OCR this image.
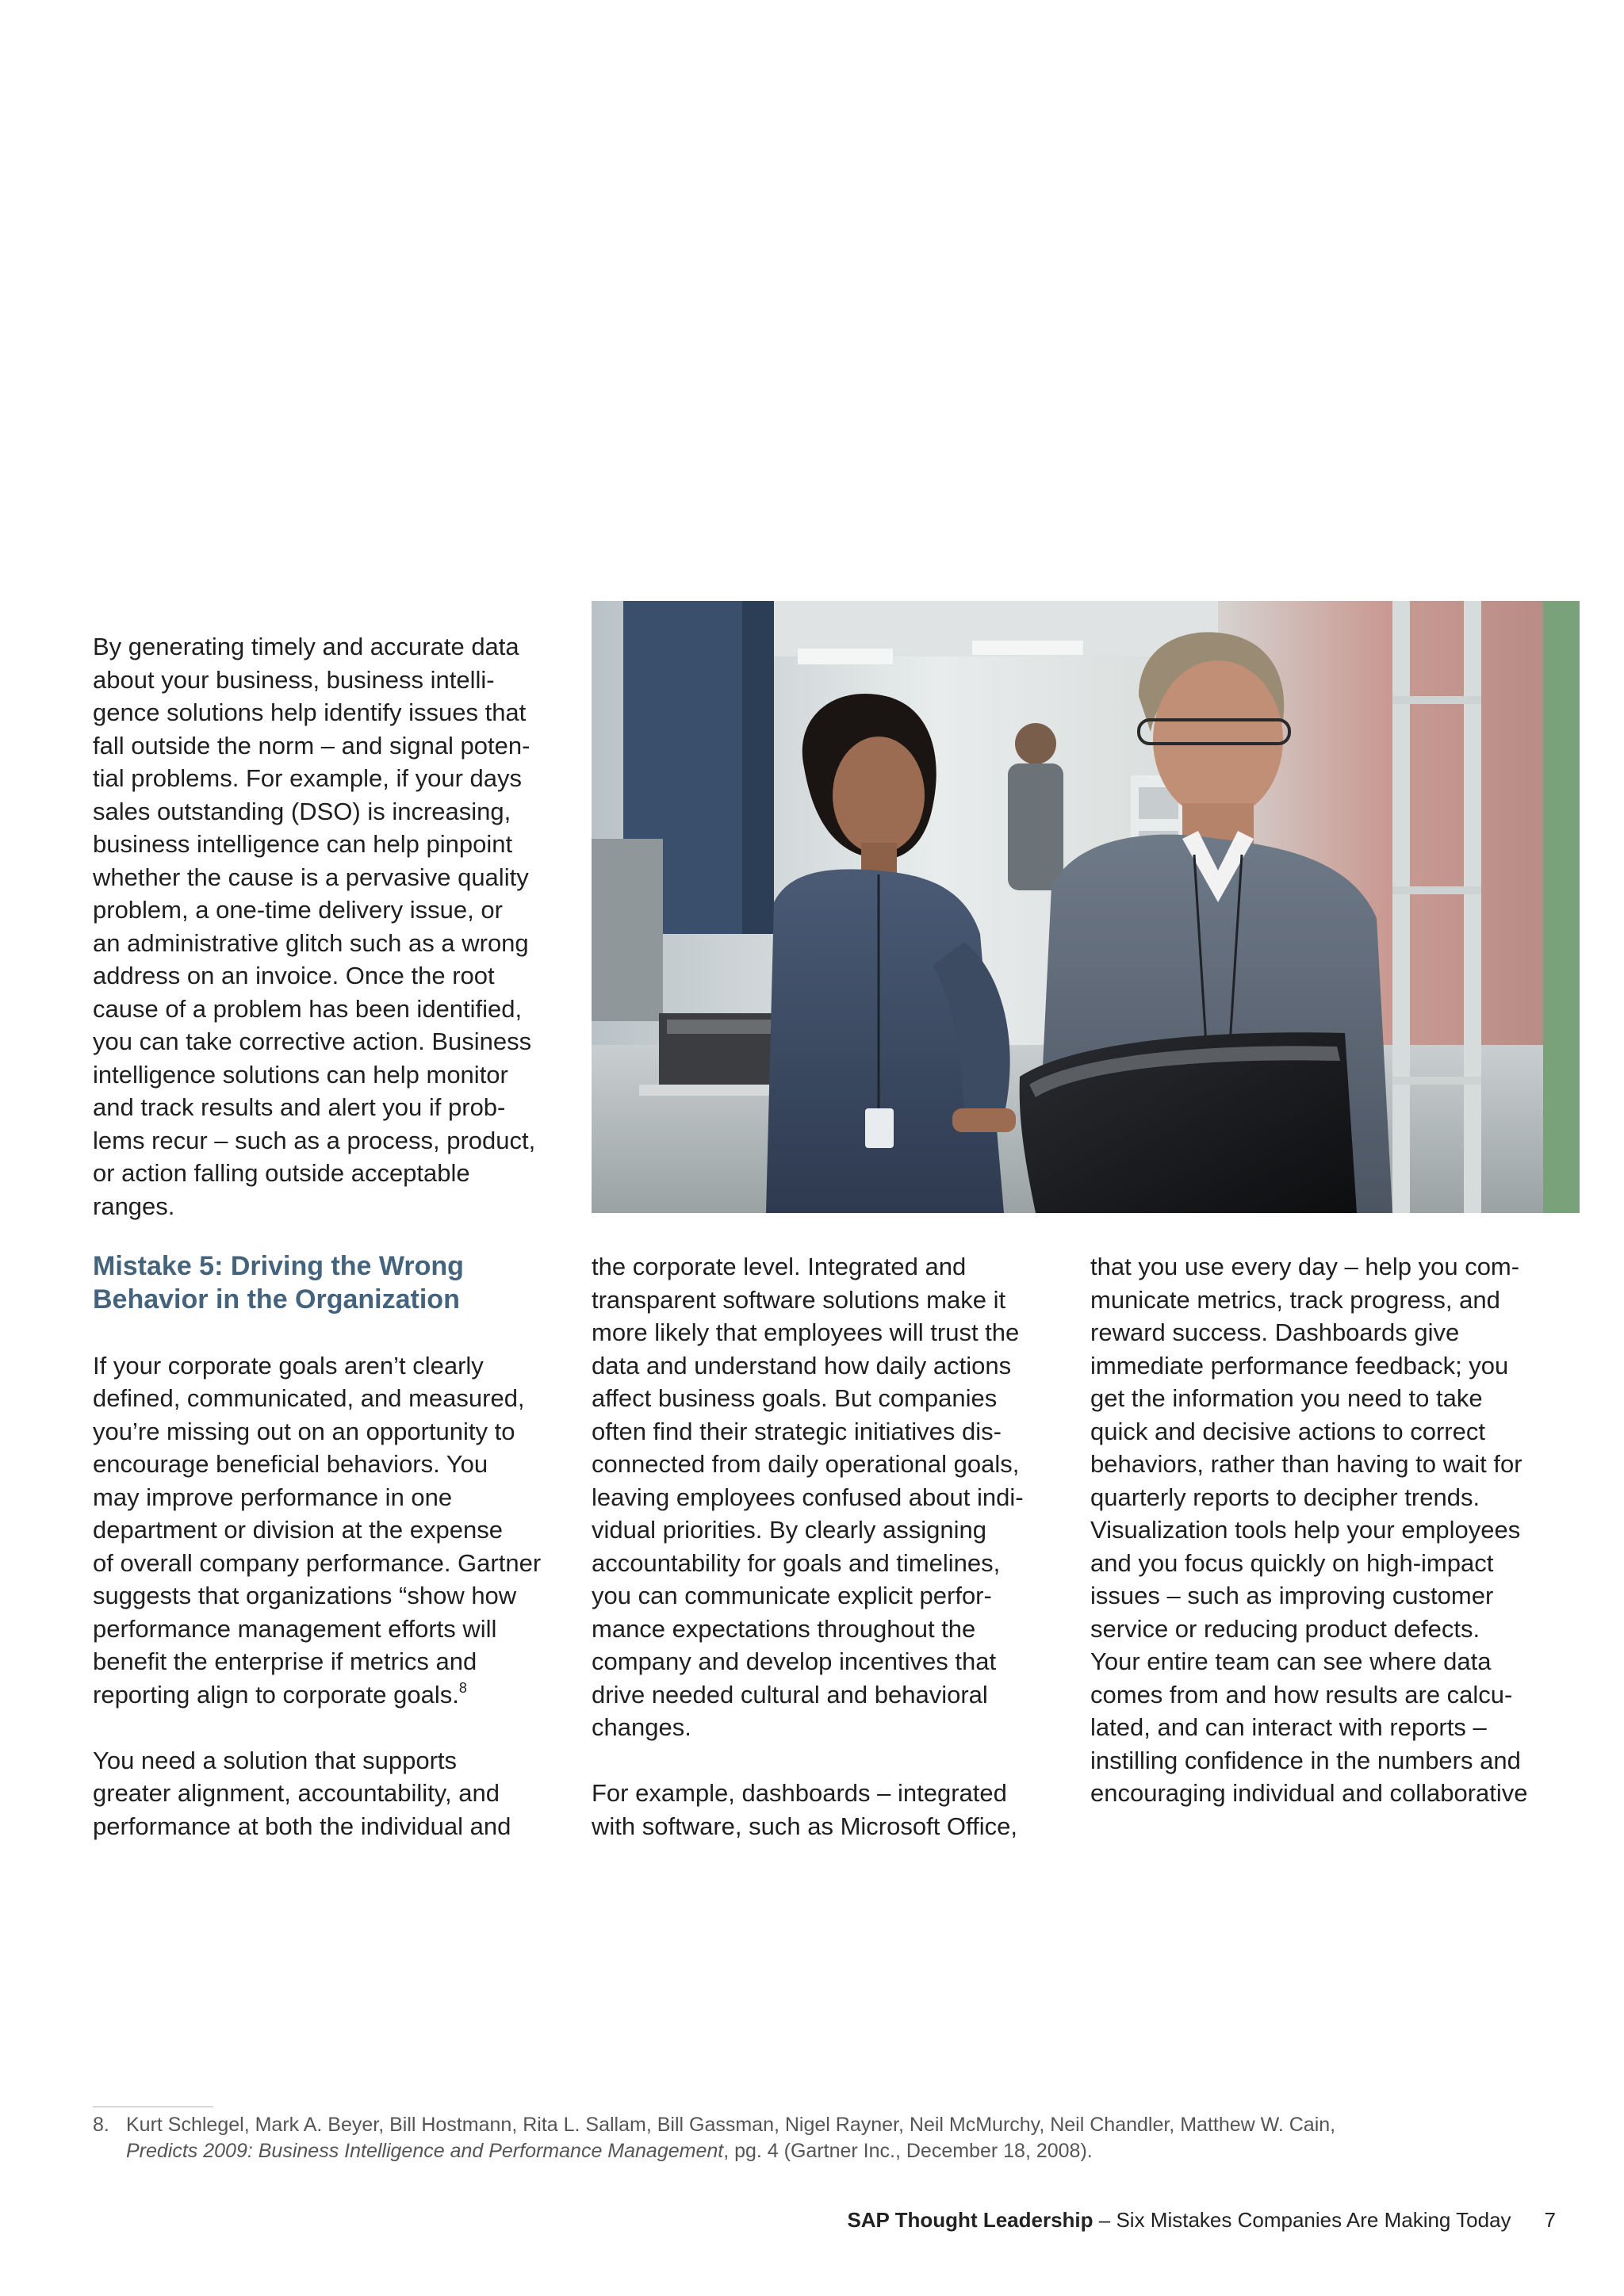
By generating timely and accurate data
about your business, business intelli-
gence solutions help identify issues that
fall outside the norm – and signal poten-
tial problems. For example, if your days
sales outstanding (DSO) is increasing,
business intelligence can help pinpoint
whether the cause is a pervasive quality
problem, a one-time delivery issue, or
an administrative glitch such as a wrong
address on an invoice. Once the root
cause of a problem has been identified,
you can take corrective action. Business
intelligence solutions can help monitor
and track results and alert you if prob-
lems recur – such as a process, product,
or action falling outside acceptable
ranges.

Mistake 5: Driving the Wrong
Behavior in the Organization

If your corporate goals aren’t clearly
defined, communicated, and measured,
you’re missing out on an opportunity to
encourage beneficial behaviors. You
may improve performance in one
department or division at the expense
of overall company performance. Gartner
suggests that organizations “show how
performance management efforts will
benefit the enterprise if metrics and
reporting align to corporate goals.$^8$

You need a solution that supports
greater alignment, accountability, and
performance at both the individual and

the corporate level. Integrated and
transparent software solutions make it
more likely that employees will trust the
data and understand how daily actions
affect business goals. But companies
often find their strategic initiatives dis-
connected from daily operational goals,
leaving employees confused about indi-
vidual priorities. By clearly assigning
accountability for goals and timelines,
you can communicate explicit perfor-
mance expectations throughout the
company and develop incentives that
drive needed cultural and behavioral
changes.

For example, dashboards – integrated
with software, such as Microsoft Office,

that you use every day – help you com-
municate metrics, track progress, and
reward success. Dashboards give
immediate performance feedback; you
get the information you need to take
quick and decisive actions to correct
behaviors, rather than having to wait for
quarterly reports to decipher trends.
Visualization tools help your employees
and you focus quickly on high-impact
issues – such as improving customer
service or reducing product defects.
Your entire team can see where data
comes from and how results are calcu-
lated, and can interact with reports –
instilling confidence in the numbers and
encouraging individual and collaborative

8. Kurt Schlegel, Mark A. Beyer, Bill Hostmann, Rita L. Sallam, Bill Gassman, Nigel Rayner, Neil McMurchy, Neil Chandler, Matthew W. Cain,
Predicts 2009: Business Intelligence and Performance Management, pg. 4 (Gartner Inc., December 18, 2008).
SAP Thought Leadership – Six Mistakes Companies Are Making Today 7
